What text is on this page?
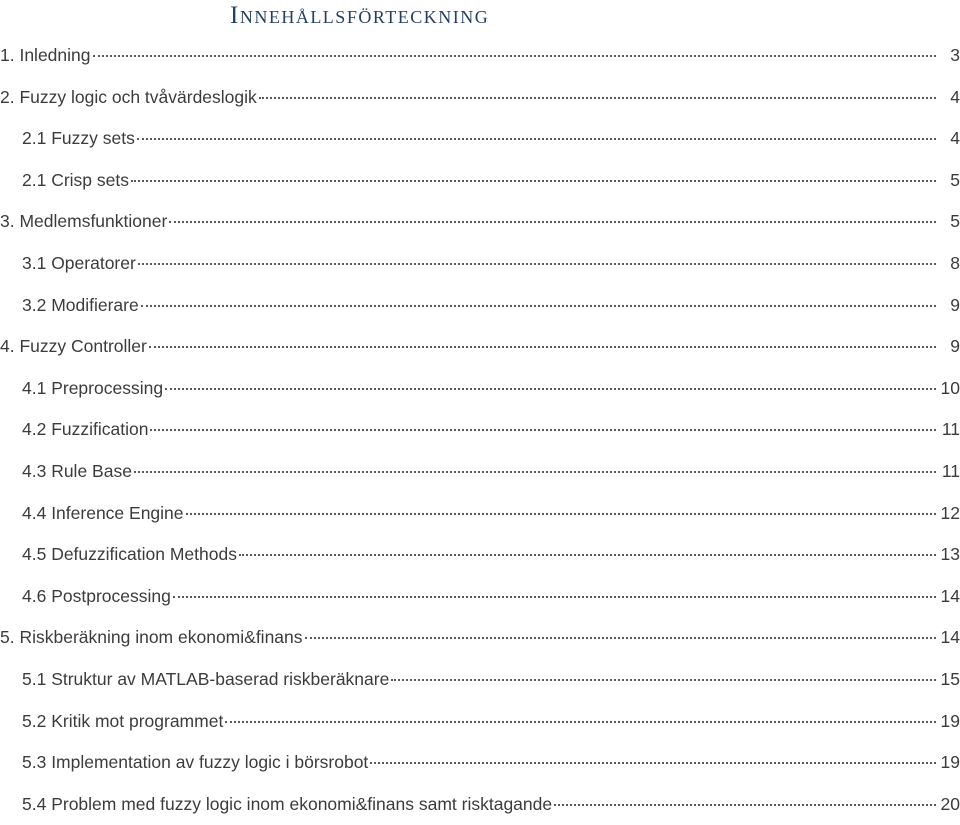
Innehållsförteckning
1. Inledning	3
2. Fuzzy logic och tvåvärdeslogik	4
2.1 Fuzzy sets	4
2.1 Crisp sets	5
3. Medlemsfunktioner	5
3.1 Operatorer	8
3.2 Modifierare	9
4. Fuzzy Controller	9
4.1 Preprocessing	10
4.2 Fuzzification	11
4.3 Rule Base	11
4.4 Inference Engine	12
4.5 Defuzzification Methods	13
4.6 Postprocessing	14
5. Riskberäkning inom ekonomi&finans	14
5.1 Struktur av MATLAB-baserad riskberäknare	15
5.2 Kritik mot programmet	19
5.3 Implementation av fuzzy logic i börsrobot	19
5.4 Problem med fuzzy logic inom ekonomi&finans samt risktagande	20
